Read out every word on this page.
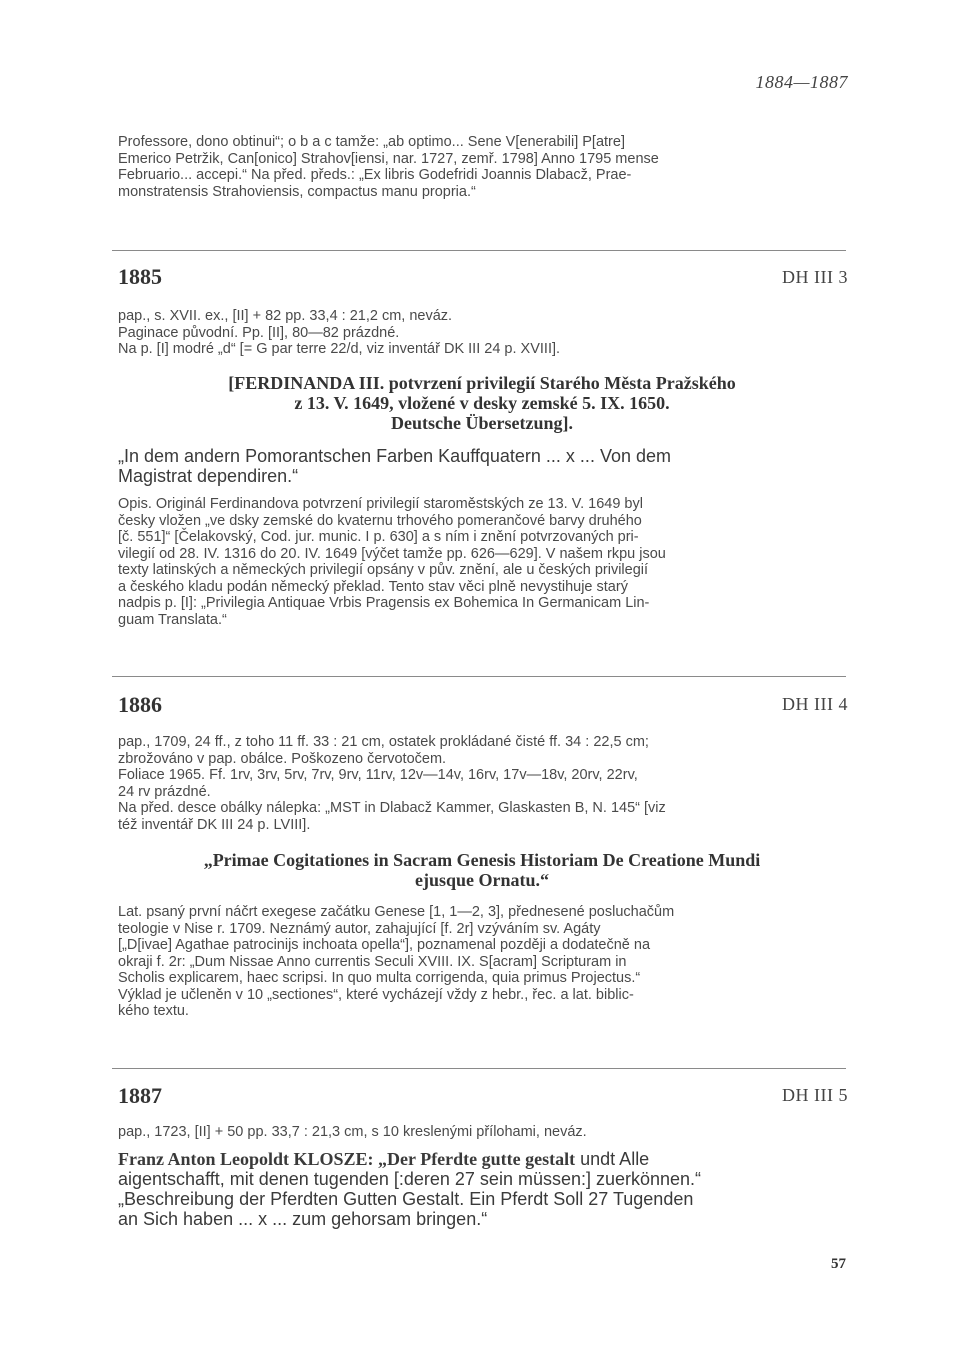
1884—1887
Professore, dono obtinui“; o b a c tamže: „ab optimo... Sene V[enerabili] P[atre]
Emerico Petržik, Can[onico] Strahov[iensi, nar. 1727, zemř. 1798] Anno 1795 mense
Februario... accepi.“ Na před. předs.: „Ex libris Godefridi Joannis Dlabacž, Prae-
monstratensis Strahoviensis, compactus manu propria.“
1885	DH III 3
pap., s. XVII. ex., [II] + 82 pp. 33,4 : 21,2 cm, neváz.
Paginace původní. Pp. [II], 80—82 prázdné.
Na p. [I] modré „d“ [= G par terre 22/d, viz inventář DK III 24 p. XVIII].
[FERDINANDA III. potvrzení privilegií Starého Města Pražského
z 13. V. 1649, vložené v desky zemské 5. IX. 1650.
Deutsche Übersetzung].
„In dem andern Pomorantschen Farben Kauffquatern ... x ... Von dem
Magistrat dependiren.“
Opis. Originál Ferdinandova potvrzení privilegií staroměstských ze 13. V. 1649 byl
česky vložen „ve dsky zemské do kvaternu trhového pomerančové barvy druhého
[č. 551]“ [Čelakovský, Cod. jur. munic. I p. 630] a s ním i znění potvrzovaných pri-
vilegií od 28. IV. 1316 do 20. IV. 1649 [výčet tamže pp. 626—629]. V našem rkpu jsou
texty latinských a německých privilegií opsány v pův. znění, ale u českých privilegií
a českého kladu podán německý překlad. Tento stav věci plně nevystihuje starý
nadpis p. [I]: „Privilegia Antiquae Vrbis Pragensis ex Bohemica In Germanicam Lin-
guam Translata.“
1886	DH III 4
pap., 1709, 24 ff., z toho 11 ff. 33 : 21 cm, ostatek prokládané čisté ff. 34 : 22,5 cm;
zbrožováno v pap. obálce. Poškozeno červotočem.
Foliace 1965. Ff. 1rv, 3rv, 5rv, 7rv, 9rv, 11rv, 12v—14v, 16rv, 17v—18v, 20rv, 22rv,
24 rv prázdné.
Na před. desce obálky nálepka: „MST in Dlabacž Kammer, Glaskasten B, N. 145“ [viz
též inventář DK III 24 p. LVIII].
„Primae Cogitationes in Sacram Genesis Historiam De Creatione Mundi
ejusque Ornatu.“
Lat. psaný první náčrt exegese začátku Genese [1, 1—2, 3], přednesené posluchačům
teologie v Nise r. 1709. Neznámý autor, zahajující [f. 2r] vzýváním sv. Agáty
[„D[ivae] Agathae patrocinijs inchoata opella“], poznamenal později a dodatečně na
okraji f. 2r: „Dum Nissae Anno currentis Seculi XVIII. IX. S[acram] Scripturam in
Scholis explicarem, haec scripsi. In quo multa corrigenda, quia primus Projectus.“
Výklad je učleněn v 10 „sectiones“, které vycházejí vždy z hebr., řec. a lat. biblic-
kého textu.
1887	DH III 5
pap., 1723, [II] + 50 pp. 33,7 : 21,3 cm, s 10 kreslenými přílohami, neváz.
Franz Anton Leopoldt KLOSZE: „Der Pferdte gutte gestalt undt Alle
aigentschafft, mit denen tugenden [:deren 27 sein müssen:] zuerkönnen.“
„Beschreibung der Pferdten Gutten Gestalt. Ein Pferdt Soll 27 Tugenden
an Sich haben ... x ... zum gehorsam bringen.“
57
